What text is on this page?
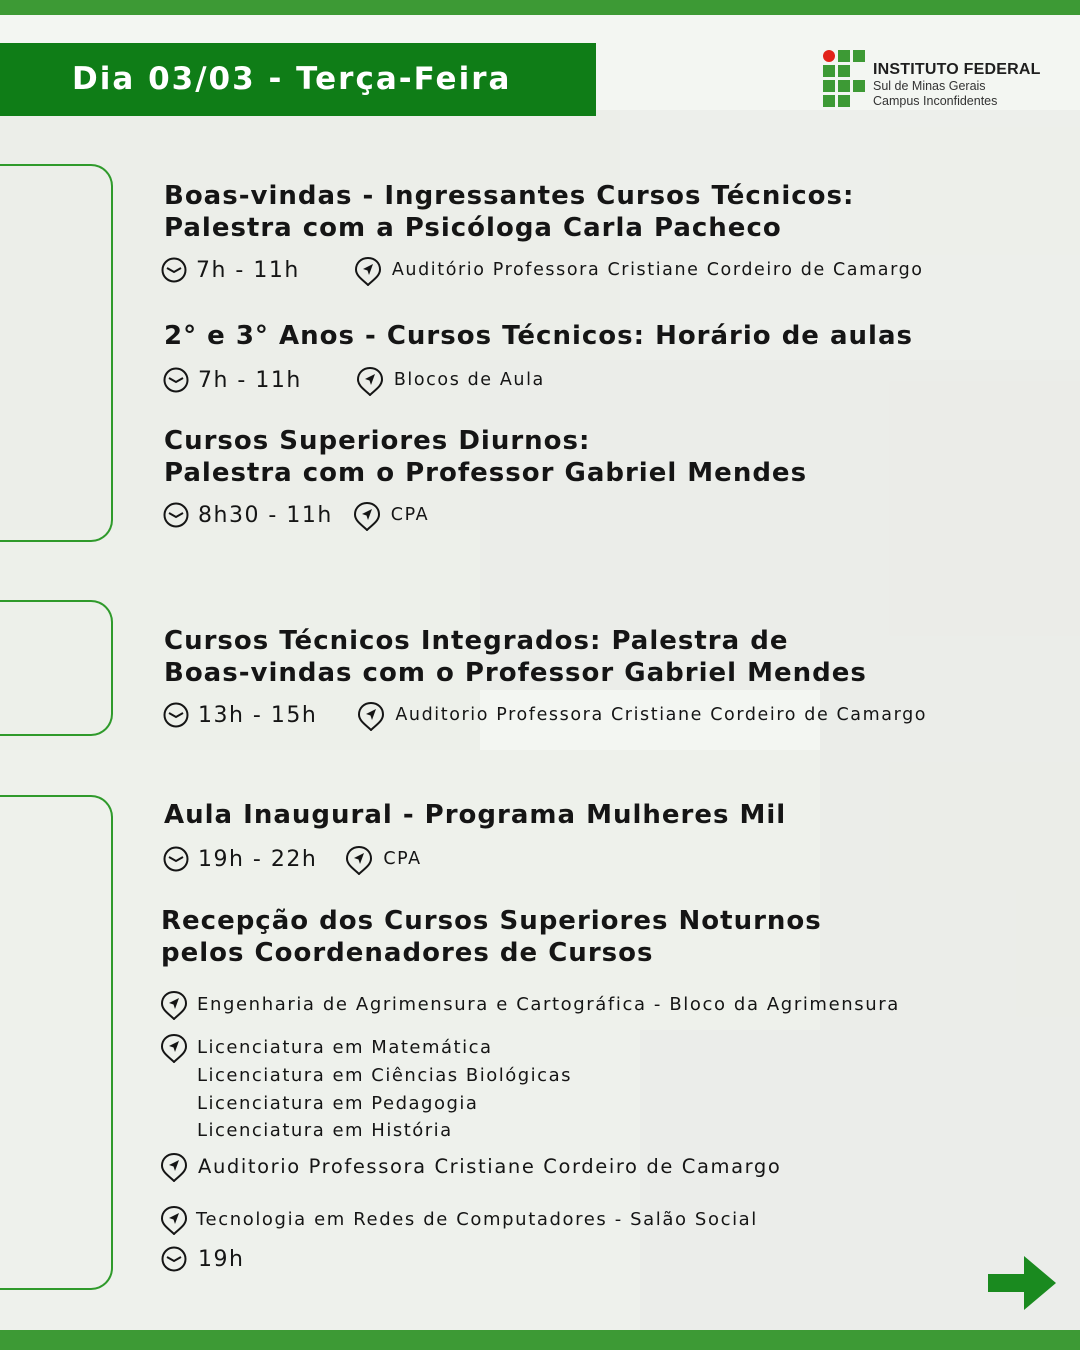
Dia 03/03 - Terça-Feira	INSTITUTO FEDERAL
Sul de Minas Gerais
Campus Inconfidentes
Boas-vindas - Ingressantes Cursos Técnicos:
Palestra com a Psicóloga Carla Pacheco
7h - 11h	Auditório Professora Cristiane Cordeiro de Camargo
2° e 3° Anos - Cursos Técnicos: Horário de aulas
7h - 11h	Blocos de Aula
Cursos Superiores Diurnos:
Palestra com o Professor Gabriel Mendes
8h30 - 11h	CPA
Cursos Técnicos Integrados: Palestra de
Boas-vindas com o Professor Gabriel Mendes
13h - 15h	Auditorio Professora Cristiane Cordeiro de Camargo
Aula Inaugural - Programa Mulheres Mil
19h - 22h	CPA
Recepção dos Cursos Superiores Noturnos
pelos Coordenadores de Cursos
Engenharia de Agrimensura e Cartográfica - Bloco da Agrimensura
Licenciatura em Matemática
Licenciatura em Ciências Biológicas
Licenciatura em Pedagogia
Licenciatura em História
Auditorio Professora Cristiane Cordeiro de Camargo
Tecnologia em Redes de Computadores - Salão Social
19h
